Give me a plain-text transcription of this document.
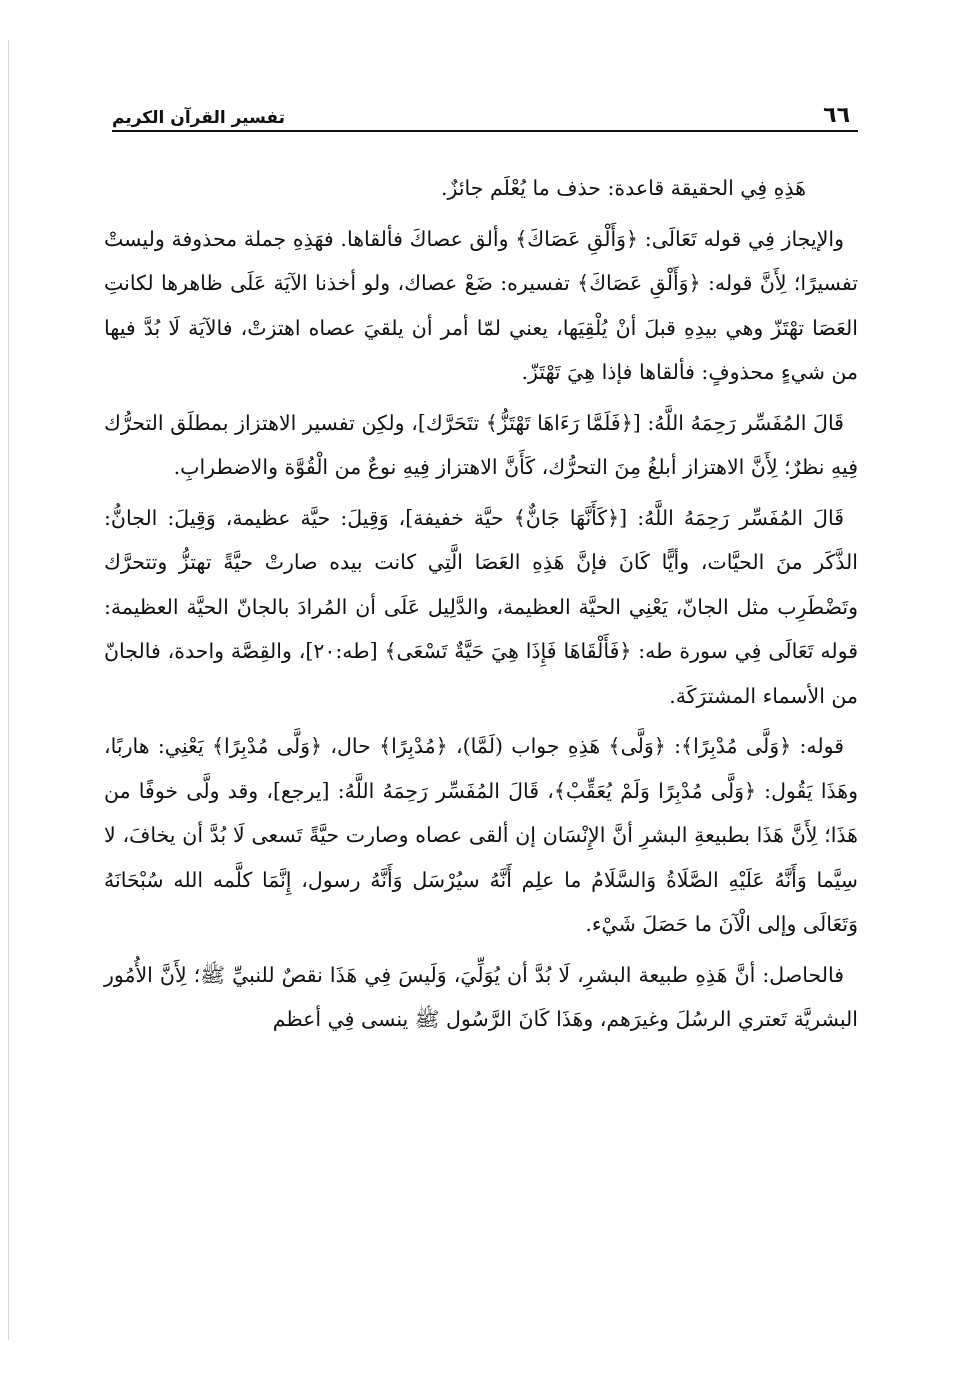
٦٦
تفسير القرآن الكريم

هَذِهِ فِي الحقيقة قاعدة: حذف ما يُعْلَم جائزٌ.

والإيجاز فِي قوله تَعَالَى: ﴿وَأَلْقِ عَصَاكَ﴾ وألق عصاكَ فألقاها. فهَذِهِ جملة محذوفة وليستْ تفسيرًا؛ لِأَنَّ قوله: ﴿وَأَلْقِ عَصَاكَ﴾ تفسيره: ضَعْ عصاك، ولو أخذنا الآيَة عَلَى ظاهرها لكانتِ العَصَا تهْتَزّ وهي بيدِهِ قبلَ أنْ يُلْقِيَها، يعني لمّا أمر أن يلقيَ عصاه اهتزتْ، فالآيَة لَا بُدَّ فيها من شيءٍ محذوفٍ: فألقاها فإذا هِيَ تَهْتَزّ.

قَالَ المُفَسِّر رَحِمَهُ اللَّهُ: [﴿فَلَمَّا رَءَاهَا تَهْتَزُّ﴾ تتَحَرَّك]، ولكِن تفسير الاهتزاز بمطلَق التحرُّك فِيهِ نظرٌ؛ لِأَنَّ الاهتزاز أبلغُ مِنَ التحرُّك، كَأَنَّ الاهتزاز فِيهِ نوعٌ من الْقُوَّة والاضطرابِ.

قَالَ المُفَسِّر رَحِمَهُ اللَّهُ: [﴿كَأَنَّهَا جَانٌّ﴾ حيَّة خفيفة]، وَقِيلَ: حيَّة عظيمة، وَقِيلَ: الجانُّ: الذَّكَر منَ الحيَّات، وأيًّا كَانَ فإنَّ هَذِهِ العَصَا الَّتِي كانت بيده صارتْ حيَّةً تهتزُّ وتتحرَّك وتَضْطَرِب مثل الجانّ، يَعْنِي الحيَّة العظيمة، والدَّلِيل عَلَى أن المُرادَ بالجانّ الحيَّة العظيمة: قوله تَعَالَى فِي سورة طه: ﴿فَأَلْقَاهَا فَإِذَا هِيَ حَيَّةٌ تَسْعَى﴾ [طه:٢٠]، والقِصَّة واحدة، فالجانّ من الأسماء المشترَكَة.

قوله: ﴿وَلَّى مُدْبِرًا﴾: ﴿وَلَّى﴾ هَذِهِ جواب (لَمَّا)، ﴿مُدْبِرًا﴾ حال، ﴿وَلَّى مُدْبِرًا﴾ يَعْنِي: هاربًا، وهَذَا يَقُول: ﴿وَلَّى مُدْبِرًا وَلَمْ يُعَقِّبْ﴾، قَالَ المُفَسِّر رَحِمَهُ اللَّهُ: [يرجع]، وقد ولَّى خوفًا من هَذَا؛ لِأَنَّ هَذَا بطبيعةِ البشرِ أنَّ الإِنْسَان إن ألقى عصاه وصارت حيَّةً تَسعى لَا بُدَّ أن يخافَ، لا سِيَّما وَأَنَّهُ عَلَيْهِ الصَّلَاةُ وَالسَّلَامُ ما علِم أَنَّهُ سيُرْسَل وَأَنَّهُ رسول، إِنَّمَا كلَّمه الله سُبْحَانَهُ وَتَعَالَى وإلى الْآنَ ما حَصَلَ شَيْء.

فالحاصل: أنَّ هَذِهِ طبيعة البشرِ، لَا بُدَّ أن يُوَلِّيَ، وَلَيسَ فِي هَذَا نقصٌ للنبيِّ ﷺ؛ لِأَنَّ الأُمُور البشريَّة تَعتري الرسُلَ وغيرَهم، وهَذَا كَانَ الرَّسُول ﷺ ينسى فِي أعظم
